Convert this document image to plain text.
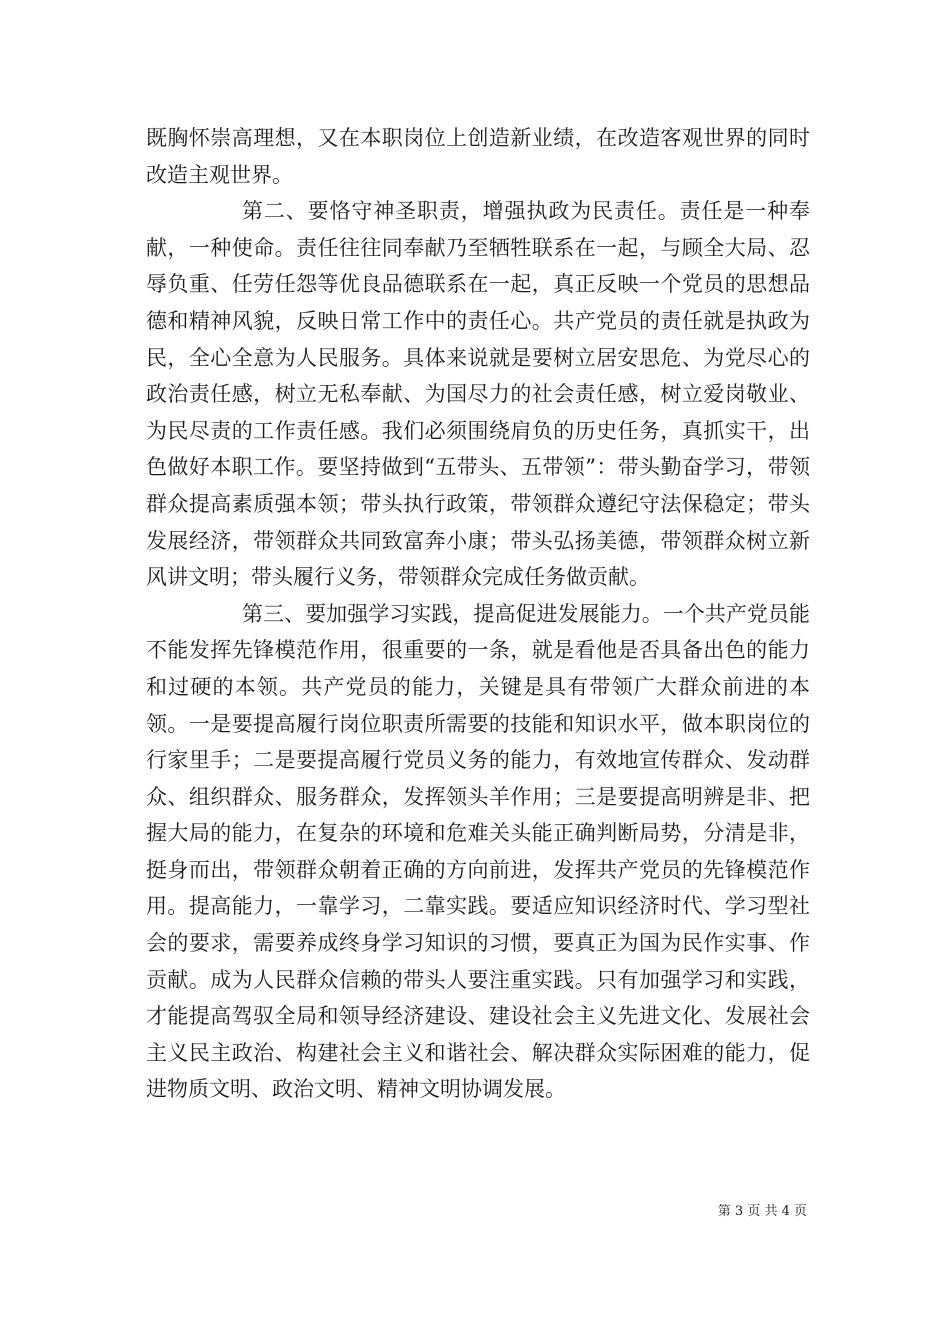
既胸怀崇高理想，又在本职岗位上创造新业绩，在改造客观世界的同时改造主观世界。

第二、要恪守神圣职责，增强执政为民责任。责任是一种奉献，一种使命。责任往往同奉献乃至牺牲联系在一起，与顾全大局、忍辱负重、任劳任怨等优良品德联系在一起，真正反映一个党员的思想品德和精神风貌，反映日常工作中的责任心。共产党员的责任就是执政为民，全心全意为人民服务。具体来说就是要树立居安思危、为党尽心的政治责任感，树立无私奉献、为国尽力的社会责任感，树立爱岗敬业、为民尽责的工作责任感。我们必须围绕肩负的历史任务，真抓实干，出色做好本职工作。要坚持做到“五带头、五带领”：带头勤奋学习，带领群众提高素质强本领；带头执行政策，带领群众遵纪守法保稳定；带头发展经济，带领群众共同致富奔小康；带头弘扬美德，带领群众树立新风讲文明；带头履行义务，带领群众完成任务做贡献。

第三、要加强学习实践，提高促进发展能力。一个共产党员能不能发挥先锋模范作用，很重要的一条，就是看他是否具备出色的能力和过硬的本领。共产党员的能力，关键是具有带领广大群众前进的本领。一是要提高履行岗位职责所需要的技能和知识水平，做本职岗位的行家里手；二是要提高履行党员义务的能力，有效地宣传群众、发动群众、组织群众、服务群众，发挥领头羊作用；三是要提高明辨是非、把握大局的能力，在复杂的环境和危难关头能正确判断局势，分清是非，挺身而出，带领群众朝着正确的方向前进，发挥共产党员的先锋模范作用。提高能力，一靠学习，二靠实践。要适应知识经济时代、学习型社会的要求，需要养成终身学习知识的习惯，要真正为国为民作实事、作贡献。成为人民群众信赖的带头人要注重实践。只有加强学习和实践，才能提高驾驭全局和领导经济建设、建设社会主义先进文化、发展社会主义民主政治、构建社会主义和谐社会、解决群众实际困难的能力，促进物质文明、政治文明、精神文明协调发展。

第 3 页 共 4 页
